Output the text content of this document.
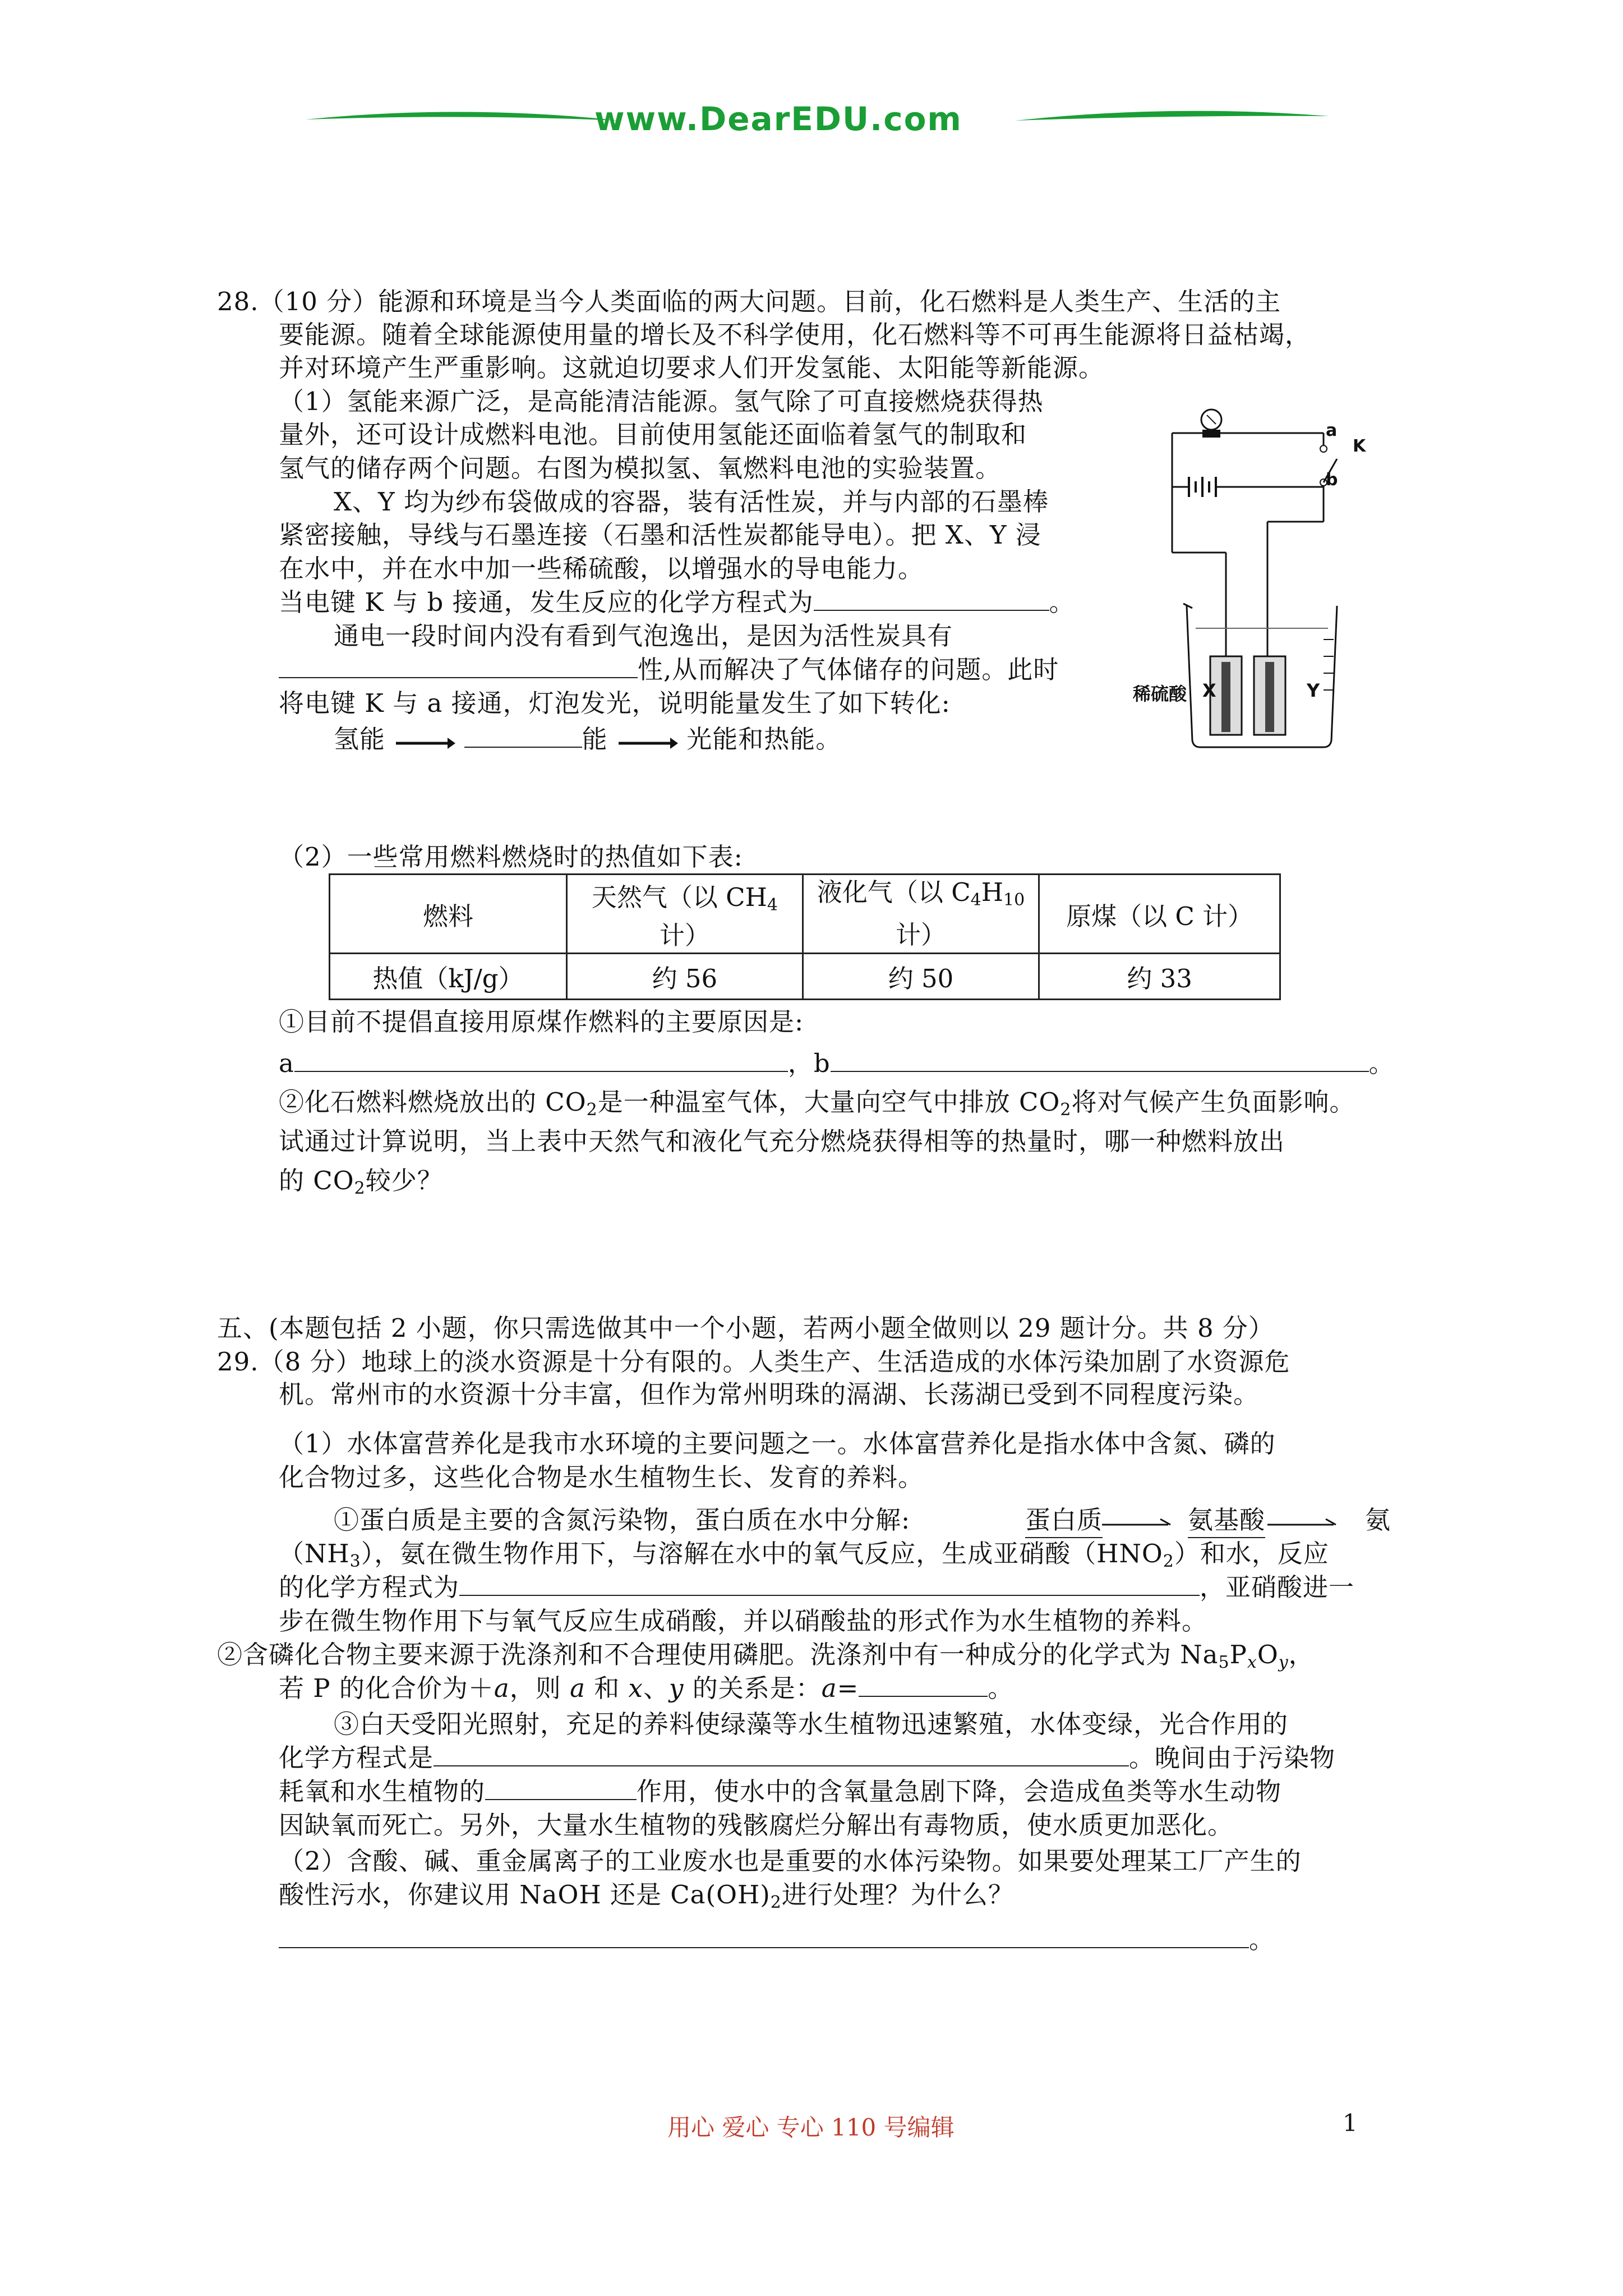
www.DearEDU.com
28.（10 分）能源和环境是当今人类面临的两大问题。目前，化石燃料是人类生产、生活的主
要能源。随着全球能源使用量的增长及不科学使用，化石燃料等不可再生能源将日益枯竭，
并对环境产生严重影响。这就迫切要求人们开发氢能、太阳能等新能源。
（1）氢能来源广泛，是高能清洁能源。氢气除了可直接燃烧获得热
量外，还可设计成燃料电池。目前使用氢能还面临着氢气的制取和
氢气的储存两个问题。右图为模拟氢、氧燃料电池的实验装置。
X、Y 均为纱布袋做成的容器，装有活性炭，并与内部的石墨棒
紧密接触，导线与石墨连接（石墨和活性炭都能导电）。把 X、Y 浸
在水中，并在水中加一些稀硫酸，以增强水的导电能力。
当电键 K 与 b 接通，发生反应的化学方程式为	。
通电一段时间内没有看到气泡逸出，是因为活性炭具有
性,从而解决了气体储存的问题。此时
将电键 K 与 a 接通，灯泡发光，说明能量发生了如下转化:
氢能	能	光能和热能。
a
b
K
X	Y
稀硫酸
（2）一些常用燃料燃烧时的热值如下表:
燃料	天然气（以 $CH_4$计）	液化气（以 $C_4H_{10}$
计）	原煤（以 C 计）
热值（kJ/g）	约 56	约 50	约 33
①目前不提倡直接用原煤作燃料的主要原因是:
a	，b	。
②化石燃料燃烧放出的 $CO_2$是一种温室气体，大量向空气中排放 $CO_2$将对气候产生负面影响。
试通过计算说明，当上表中天然气和液化气充分燃烧获得相等的热量时，哪一种燃料放出
的 $CO_2$较少？
五、(本题包括 2 小题，你只需选做其中一个小题，若两小题全做则以 29 题计分。共 8 分）
29.（8 分）地球上的淡水资源是十分有限的。人类生产、生活造成的水体污染加剧了水资源危
机。常州市的水资源十分丰富，但作为常州明珠的滆湖、长荡湖已受到不同程度污染。
（1）水体富营养化是我市水环境的主要问题之一。水体富营养化是指水体中含氮、磷的
化合物过多，这些化合物是水生植物生长、发育的养料。
①蛋白质是主要的含氮污染物，蛋白质在水中分解:	蛋白质	氨基酸	氨
$(NH_3)$，氨在微生物作用下，与溶解在水中的氧气反应，生成亚硝酸$(HNO_2)$和水，反应
的化学方程式为	，亚硝酸进一
步在微生物作用下与氧气反应生成硝酸，并以硝酸盐的形式作为水生植物的养料。
②含磷化合物主要来源于洗涤剂和不合理使用磷肥。洗涤剂中有一种成分的化学式为 $Na_5P_xO_y$，
若 P 的化合价为＋a，则 a 和 x、y 的关系是：a=	。
③白天受阳光照射，充足的养料使绿藻等水生植物迅速繁殖，水体变绿，光合作用的
化学方程式是	。晚间由于污染物
耗氧和水生植物的	作用，使水中的含氧量急剧下降，会造成鱼类等水生动物
因缺氧而死亡。另外，大量水生植物的残骸腐烂分解出有毒物质，使水质更加恶化。
（2）含酸、碱、重金属离子的工业废水也是重要的水体污染物。如果要处理某工厂产生的
酸性污水，你建议用 NaOH 还是 $Ca(OH)_2$进行处理？为什么？
。
用心 爱心 专心 110 号编辑	1
